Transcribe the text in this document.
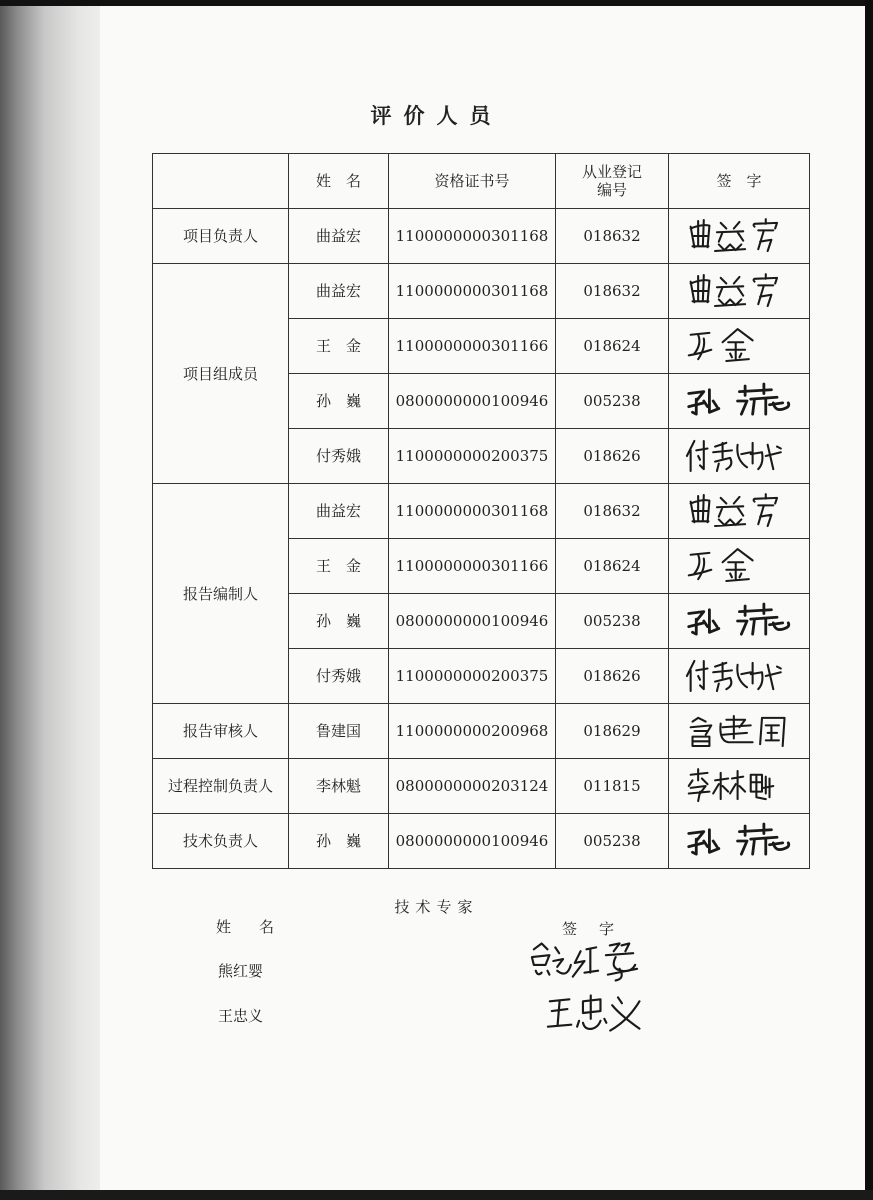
评价人员
	姓　名	资格证书号	从业登记编号	签　字
项目负责人	曲益宏	1100000000301168	018632	

项目组成员	曲益宏	1100000000301168	018632	

	王　金	1100000000301166	018624	

	孙　巍	0800000000100946	005238	

	付秀娥	1100000000200375	018626	

报告编制人	曲益宏	1100000000301168	018632	

	王　金	1100000000301166	018624	

	孙　巍	0800000000100946	005238	

	付秀娥	1100000000200375	018626	

报告审核人	鲁建国	1100000000200968	018629	

过程控制负责人	李林魁	0800000000203124	011815	

技术负责人	孙　巍	0800000000100946	005238	
技术专家
姓名	签字
熊红婴
王忠义
